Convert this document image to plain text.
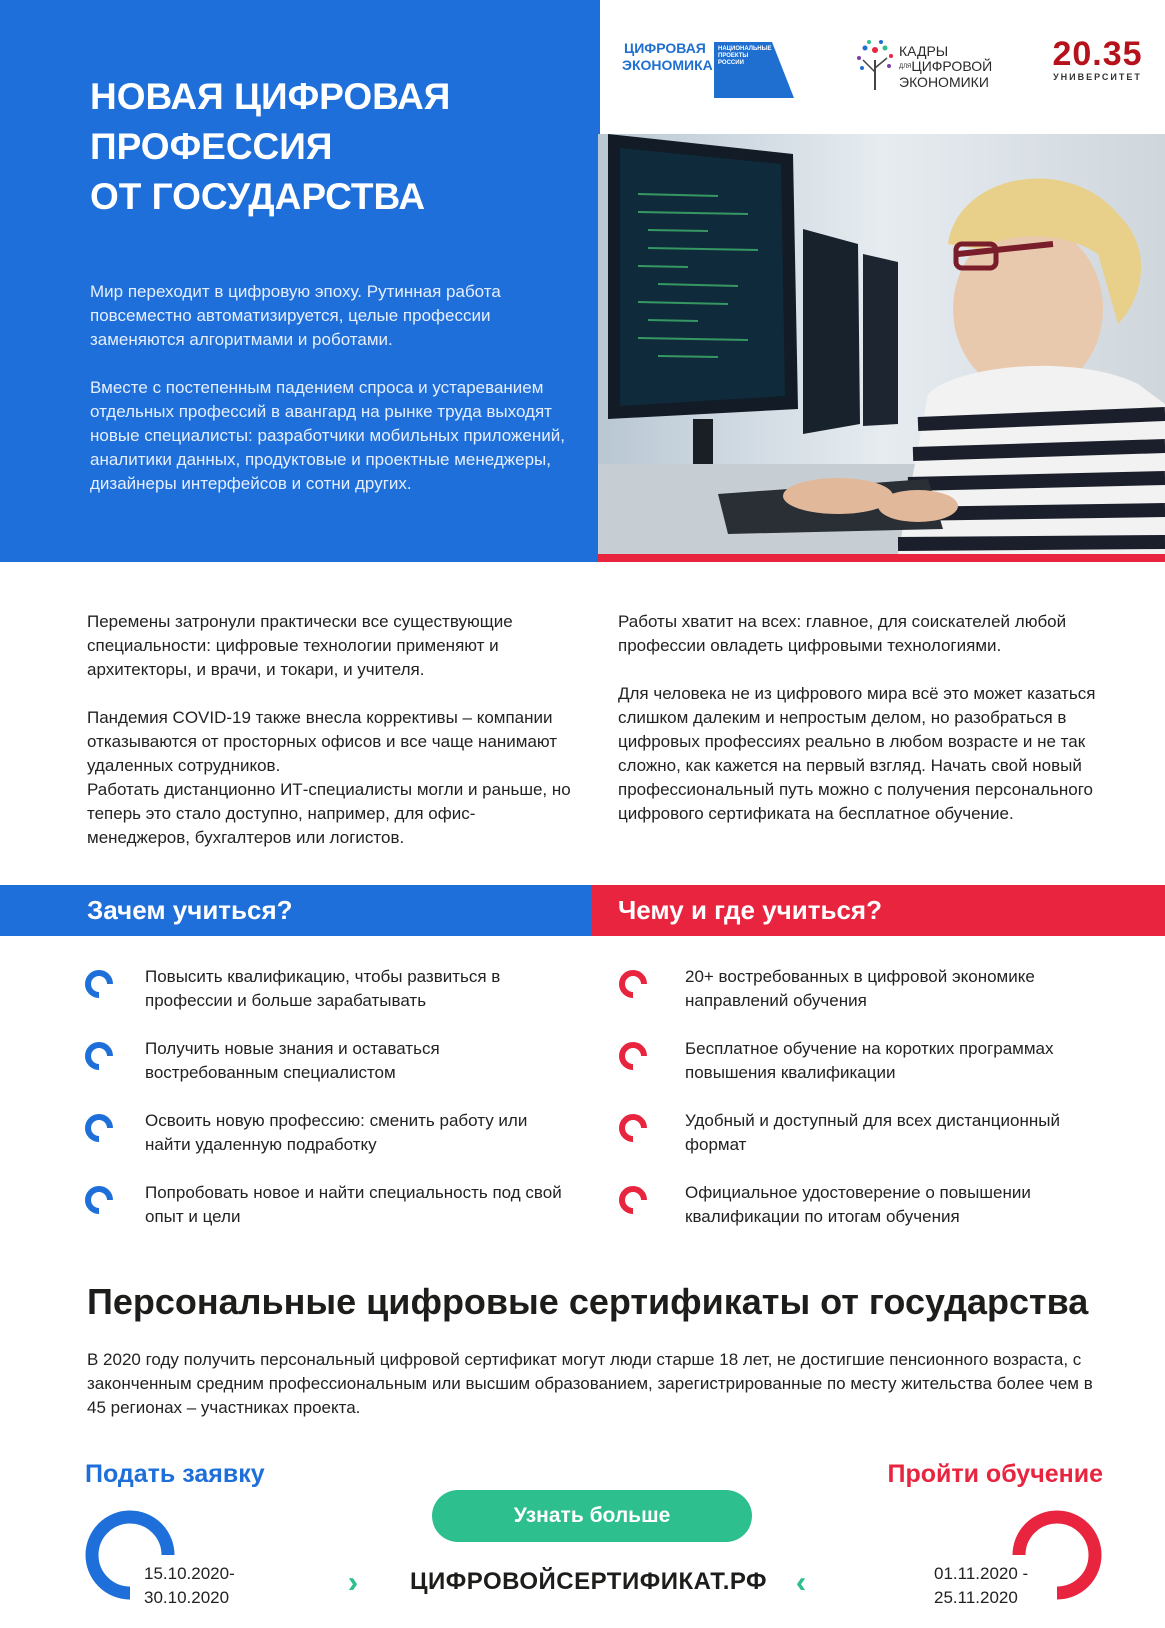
НОВАЯ ЦИФРОВАЯ
ПРОФЕССИЯ
ОТ ГОСУДАРСТВА

Мир переходит в цифровую эпоху. Рутинная работа повсеместно автоматизируется, целые профессии заменяются алгоритмами и роботами.

Вместе с постепенным падением спроса и устареванием отдельных профессий в авангард на рынке труда выходят новые специалисты: разработчики мобильных приложений, аналитики данных, продуктовые и проектные менеджеры, дизайнеры интерфейсов и сотни других.

ЦИФРОВАЯ
ЭКОНОМИКА
НАЦИОНАЛЬНЫЕ ПРОЕКТЫ РОССИИ
КАДРЫ
ДЛЯЦИФРОВОЙ
ЭКОНОМИКИ
20.35
УНИВЕРСИТЕТ

Перемены затронули практически все существующие специальности: цифровые технологии применяют и архитекторы, и врачи, и токари, и учителя.

Пандемия COVID-19 также внесла коррективы – компании отказываются от просторных офисов и все чаще нанимают удаленных сотрудников.

Работать дистанционно ИТ-специалисты могли и раньше, но теперь это стало доступно, например, для офис-менеджеров, бухгалтеров или логистов.

Работы хватит на всех: главное, для соискателей любой профессии овладеть цифровыми технологиями.

Для человека не из цифрового мира всё это может казаться слишком далеким и непростым делом, но разобраться в цифровых профессиях реально в любом возрасте и не так сложно, как кажется на первый взгляд. Начать свой новый профессиональный путь можно с получения персонального цифрового сертификата на бесплатное обучение.

Зачем учиться?	Чему и где учиться?
Повысить квалификацию, чтобы развиться в профессии и больше зарабатывать
Получить новые знания и оставаться востребованным специалистом
Освоить новую профессию: сменить работу или найти удаленную подработку
Попробовать новое и найти специальность под свой опыт и цели
20+ востребованных в цифровой экономике направлений обучения
Бесплатное обучение на коротких программах повышения квалификации
Удобный и доступный для всех дистанционный формат
Официальное удостоверение о повышении квалификации по итогам обучения
Персональные цифровые сертификаты от государства
В 2020 году получить персональный цифровой сертификат могут люди старше 18 лет, не достигшие пенсионного возраста, с законченным средним профессиональным или высшим образованием, зарегистрированные по месту жительства более чем в 45 регионах – участниках проекта.
Подать заявку	Пройти обучение
15.10.2020-
30.10.2020
01.11.2020 -
25.11.2020
Узнать больше
ЦИФРОВОЙСЕРТИФИКАТ.РФ
